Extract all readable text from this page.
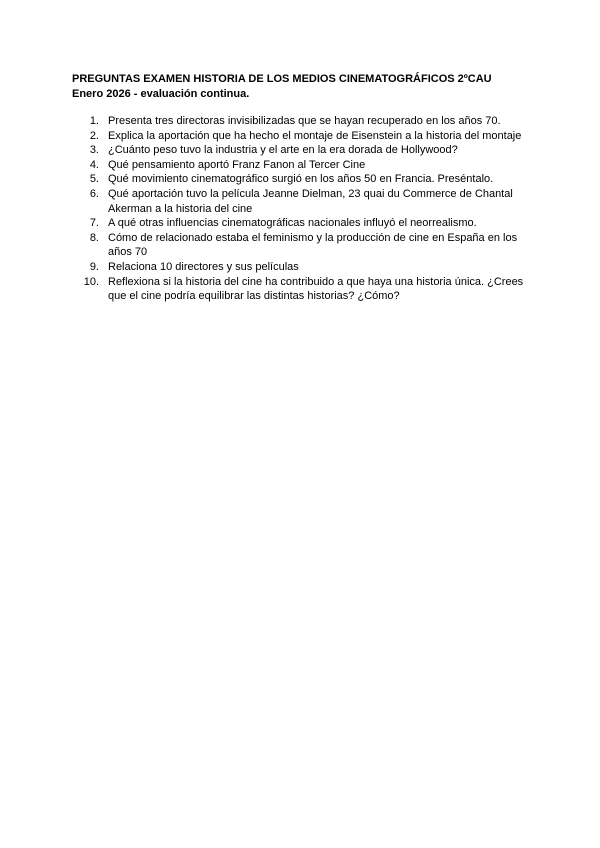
PREGUNTAS EXAMEN HISTORIA DE LOS MEDIOS CINEMATOGRÁFICOS 2ºCAU
Enero 2026 - evaluación continua.
1. Presenta tres directoras invisibilizadas que se hayan recuperado en los años 70.
2. Explica la aportación que ha hecho el montaje de Eisenstein a la historia del montaje
3. ¿Cuánto peso tuvo la industria y el arte en la era dorada de Hollywood?
4. Qué pensamiento aportó Franz Fanon al Tercer Cine
5. Qué movimiento cinematográfico surgió en los años 50 en Francia. Preséntalo.
6. Qué aportación tuvo la película Jeanne Dielman, 23 quai du Commerce de Chantal Akerman a la historia del cine
7. A qué otras influencias cinematográficas nacionales influyó el neorrealismo.
8. Cómo de relacionado estaba el feminismo y la producción de cine en España en los años 70
9. Relaciona 10 directores y sus películas
10. Reflexiona si la historia del cine ha contribuido a que haya una historia única. ¿Crees que el cine podría equilibrar las distintas historias? ¿Cómo?
